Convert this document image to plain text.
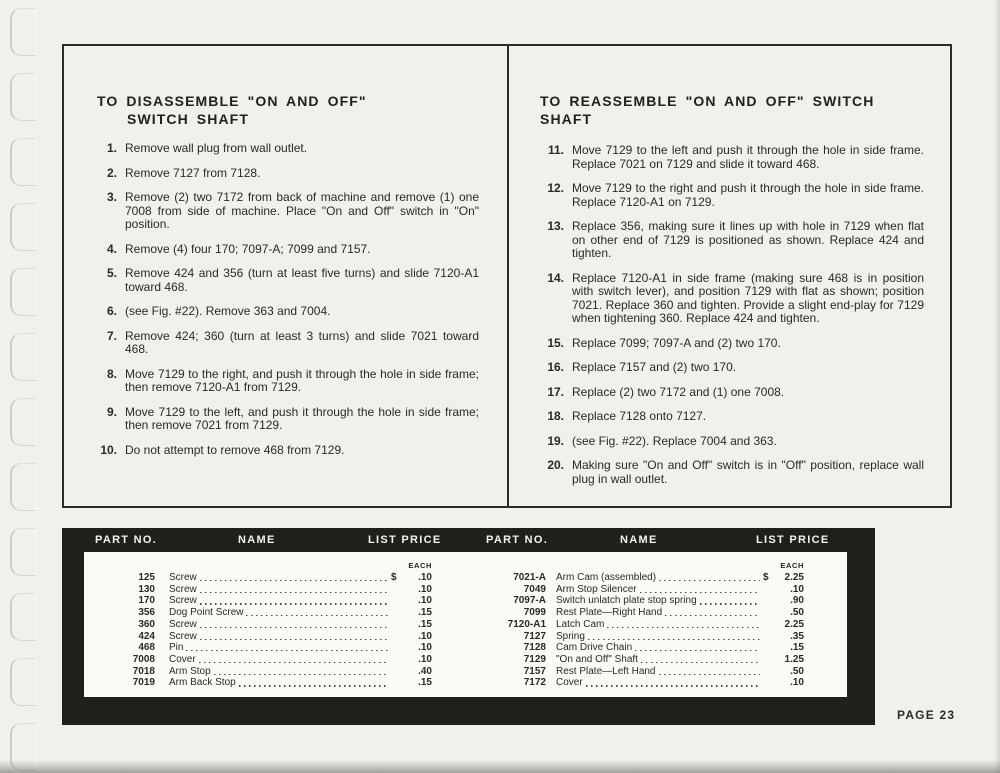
TO DISASSEMBLE "ON AND OFF"
SWITCH SHAFT
1. Remove wall plug from wall outlet.
2. Remove 7127 from 7128.
3. Remove (2) two 7172 from back of machine and remove (1) one 7008 from side of machine. Place "On and Off" switch in "On" position.
4. Remove (4) four 170; 7097-A; 7099 and 7157.
5. Remove 424 and 356 (turn at least five turns) and slide 7120-A1 toward 468.
6. (see Fig. #22). Remove 363 and 7004.
7. Remove 424; 360 (turn at least 3 turns) and slide 7021 toward 468.
8. Move 7129 to the right, and push it through the hole in side frame; then remove 7120-A1 from 7129.
9. Move 7129 to the left, and push it through the hole in side frame; then remove 7021 from 7129.
10. Do not attempt to remove 468 from 7129.
TO REASSEMBLE "ON AND OFF" SWITCH SHAFT
11. Move 7129 to the left and push it through the hole in side frame. Replace 7021 on 7129 and slide it toward 468.
12. Move 7129 to the right and push it through the hole in side frame. Replace 7120-A1 on 7129.
13. Replace 356, making sure it lines up with hole in 7129 when flat on other end of 7129 is positioned as shown. Replace 424 and tighten.
14. Replace 7120-A1 in side frame (making sure 468 is in position with switch lever), and position 7129 with flat as shown; position 7021. Replace 360 and tighten. Provide a slight end-play for 7129 when tightening 360. Replace 424 and tighten.
15. Replace 7099; 7097-A and (2) two 170.
16. Replace 7157 and (2) two 170.
17. Replace (2) two 7172 and (1) one 7008.
18. Replace 7128 onto 7127.
19. (see Fig. #22). Replace 7004 and 363.
20. Making sure "On and Off" switch is in "Off" position, replace wall plug in wall outlet.
PART NO.	NAME	LIST PRICE	PART NO.	NAME	LIST PRICE
EACH
125 Screw	$	.10
130 Screw	.10
170 Screw	.10
356 Dog Point Screw	.15
360 Screw	.15
424 Screw	.10
468 Pin	.10
7008 Cover	.10
7018 Arm Stop	.40
7019 Arm Back Stop	.15
EACH
7021-A Arm Cam (assembled)	$	2.25
7049 Arm Stop Silencer	.10
7097-A Switch unlatch plate stop spring	.90
7099 Rest Plate—Right Hand	.50
7120-A1 Latch Cam	2.25
7127 Spring	.35
7128 Cam Drive Chain	.15
7129 "On and Off" Shaft	1.25
7157 Rest Plate—Left Hand	.50
7172 Cover	.10
PAGE 23
